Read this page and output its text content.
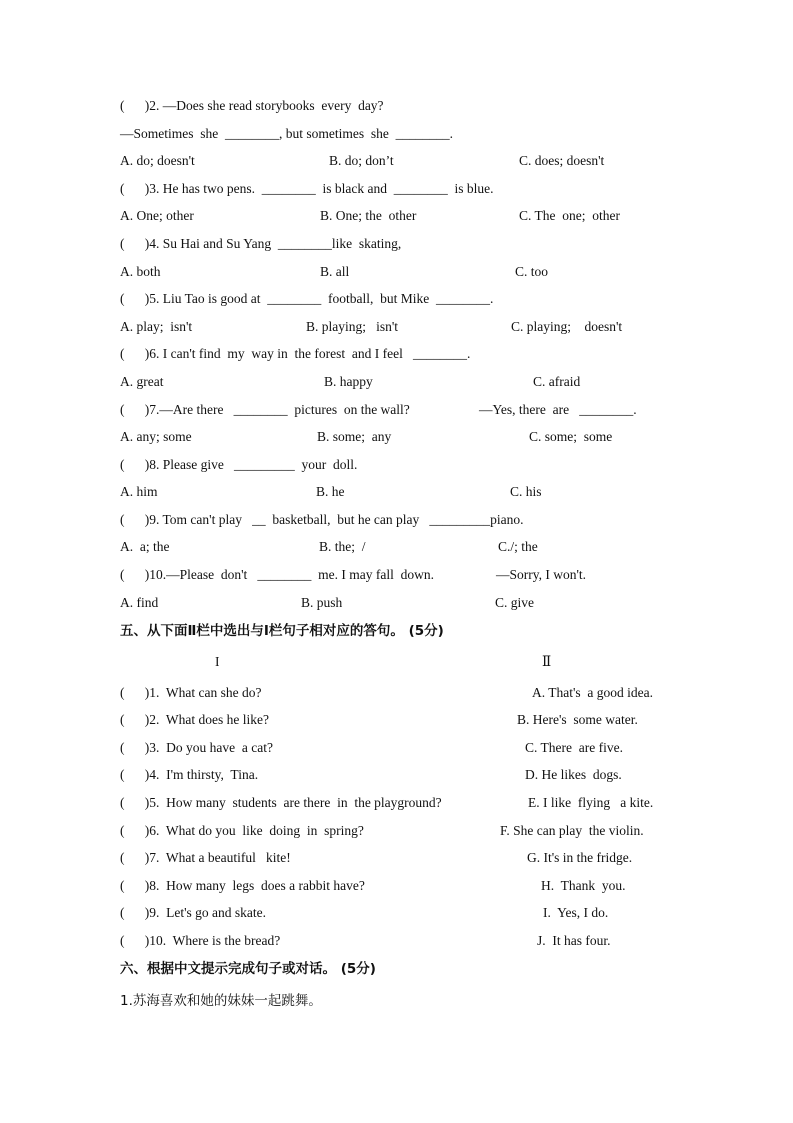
(      )2. —Does she read storybooks  every  day?
—Sometimes  she  ________, but sometimes  she  ________.

A. do; doesn't

	B. do; don’t

	C. does; doesn't

(      )3. He has two pens.  ________  is black and  ________  is blue.

A. One; other

	B. One; the  other

	C. The  one;  other

(      )4. Su Hai and Su Yang  ________like  skating,

A. both

	B. all

	C. too

(      )5. Liu Tao is good at  ________  football,  but Mike  ________.

A. play;  isn't

	B. playing;   isn't

	C. playing;    doesn't

(      )6. I can't find  my  way in  the forest  and I feel   ________.

A. great

	B. happy

	C. afraid

(      )7.—Are there   ________  pictures  on the wall?

	—Yes, there  are   ________.

A. any; some

	B. some;  any

	C. some;  some

(      )8. Please give   _________  your  doll.

A. him

	B. he

	C. his

(      )9. Tom can't play   __  basketball,  but he can play   _________piano.

A.  a; the

	B. the;  /

	C./; the

(      )10.—Please  don't   ________  me. I may fall  down.

	—Sorry, I won't.

A. find

	B. push

	C. give

五、从下面Ⅱ栏中选出与Ⅰ栏句子相对应的答句。 (5分)

I

	Ⅱ

(      )1.  What can she do?

	A. That's  a good idea.

(      )2.  What does he like?

	B. Here's  some water.

(      )3.  Do you have  a cat?

	C. There  are five.

(      )4.  I'm thirsty,  Tina.

	D. He likes  dogs.

(      )5.  How many  students  are there  in  the playground?

	E. I like  flying   a kite.

(      )6.  What do you  like  doing  in  spring?

	F. She can play  the violin.

(      )7.  What a beautiful   kite!

	G. It's in the fridge.

(      )8.  How many  legs  does a rabbit have?

	H.  Thank  you.

(      )9.  Let's go and skate.

	I.  Yes, I do.

(      )10.  Where is the bread?

	J.  It has four.

六、根据中文提示完成句子或对话。 (5分)
1.苏海喜欢和她的妹妹一起跳舞。
